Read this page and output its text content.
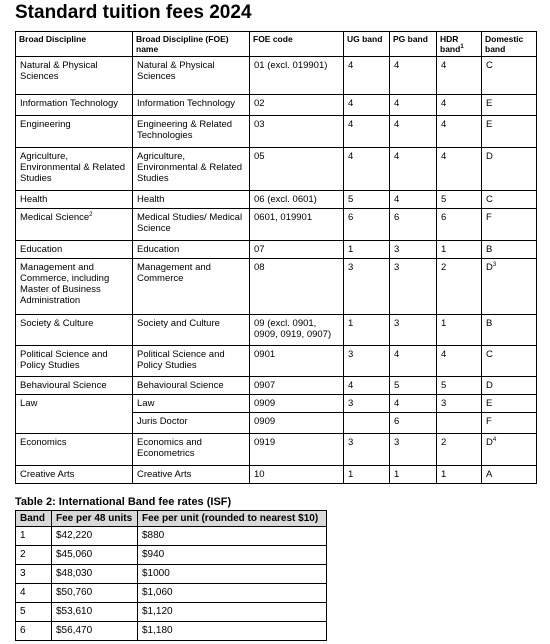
Standard tuition fees 2024
Broad Discipline	Broad Discipline (FOE) name	FOE code	UG band	PG band	HDR band$^1$	Domestic band
Natural & Physical Sciences	Natural & Physical Sciences	01 (excl. 019901)	4	4	4	C
Information Technology	Information Technology	02	4	4	4	E
Engineering	Engineering & Related Technologies	03	4	4	4	E
Agriculture, Environmental & Related Studies	Agriculture, Environmental & Related Studies	05	4	4	4	D
Health	Health	06 (excl. 0601)	5	4	5	C
Medical Science$^2$	Medical Studies/ Medical Science	0601, 019901	6	6	6	F
Education	Education	07	1	3	1	B
Management and Commerce, including Master of Business Administration	Management and Commerce	08	3	3	2	$D^3$
Society & Culture	Society and Culture	09 (excl. 0901, 0909, 0919, 0907)	1	3	1	B
Political Science and Policy Studies	Political Science and Policy Studies	0901	3	4	4	C
Behavioural Science	Behavioural Science	0907	4	5	5	D
Law	Law	0909	3	4	3	E
	Juris Doctor	0909		6		F
Economics	Economics and Econometrics	0919	3	3	2	$D^4$
Creative Arts	Creative Arts	10	1	1	1	A

Table 2: International Band fee rates (ISF)

Band	Fee per 48 units	Fee per unit (rounded to nearest $10)
1	$42,220	$880
2	$45,060	$940
3	$48,030	$1000
4	$50,760	$1,060
5	$53,610	$1,120
6	$56,470	$1,180
